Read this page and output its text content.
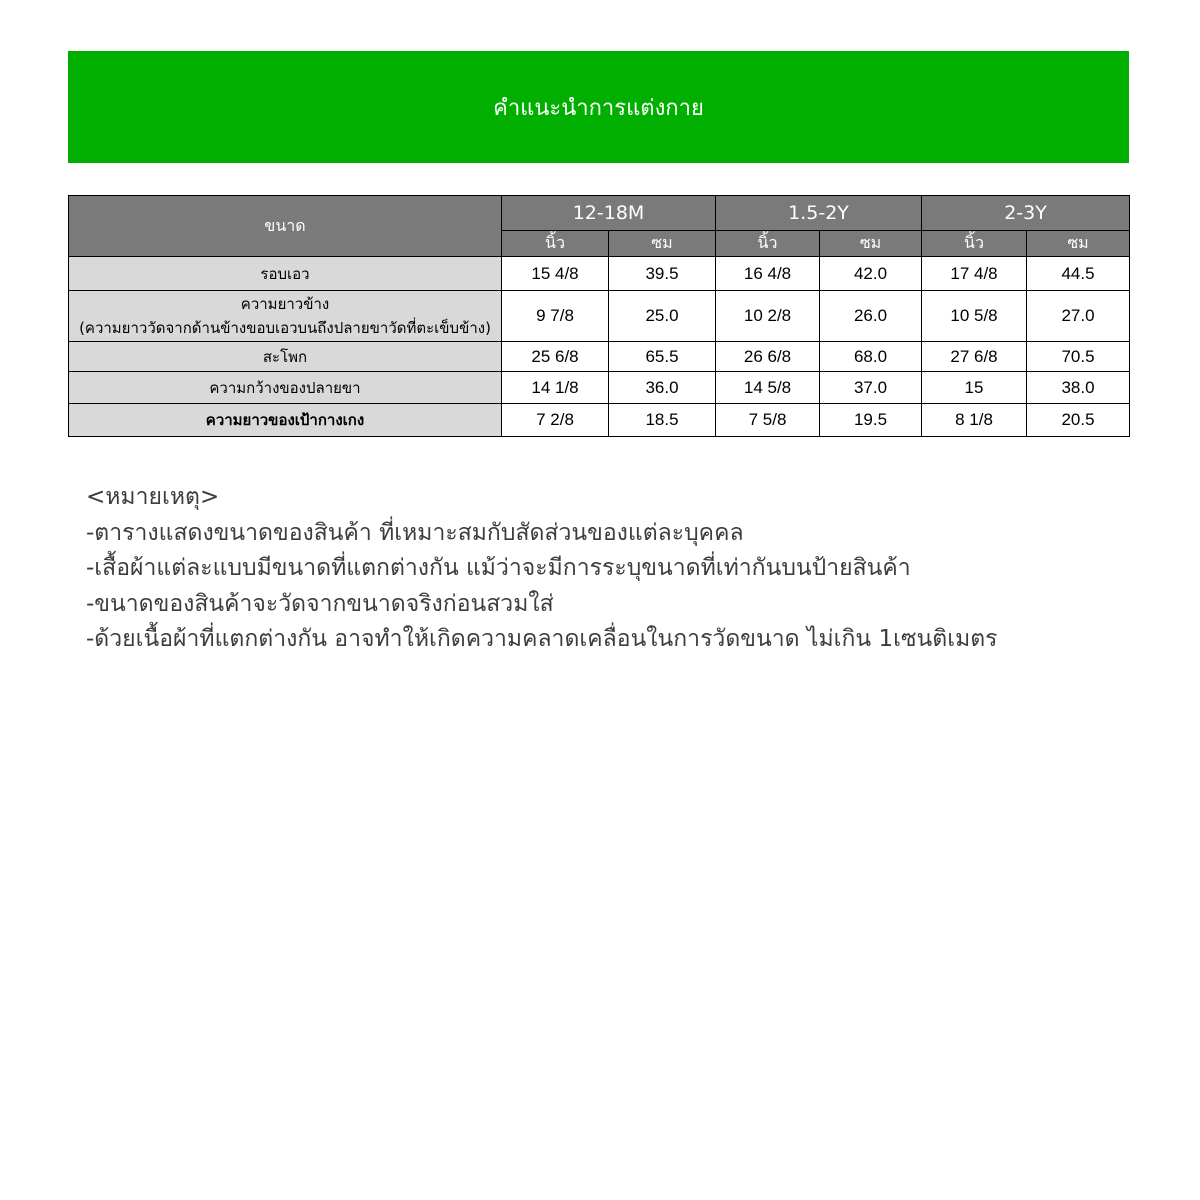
คำแนะนำการแต่งกาย
ขนาด	12-18M		1.5-2Y		2-3Y	
	นิ้ว	ซม	นิ้ว	ซม	นิ้ว	ซม

รอบเอว	15 4/8	39.5	16 4/8	42.0	17 4/8	44.5

ความยาวข้าง
(ความยาววัดจากด้านข้างขอบเอวบนถึงปลายขาวัดที่ตะเข็บข้าง)	9 7/8	25.0	10 2/8	26.0	10 5/8	27.0

สะโพก	25 6/8	65.5	26 6/8	68.0	27 6/8	70.5

ความกว้างของปลายขา	14 1/8	36.0	14 5/8	37.0	15	38.0

ความยาวของเป้ากางเกง	7 2/8	18.5	7 5/8	19.5	8 1/8	20.5
<หมายเหตุ>
-ตารางแสดงขนาดของสินค้า ที่เหมาะสมกับสัดส่วนของแต่ละบุคคล
-เสื้อผ้าแต่ละแบบมีขนาดที่แตกต่างกัน แม้ว่าจะมีการระบุขนาดที่เท่ากันบนป้ายสินค้า
-ขนาดของสินค้าจะวัดจากขนาดจริงก่อนสวมใส่
-ด้วยเนื้อผ้าที่แตกต่างกัน อาจทำให้เกิดความคลาดเคลื่อนในการวัดขนาด ไม่เกิน 1เซนติเมตร
